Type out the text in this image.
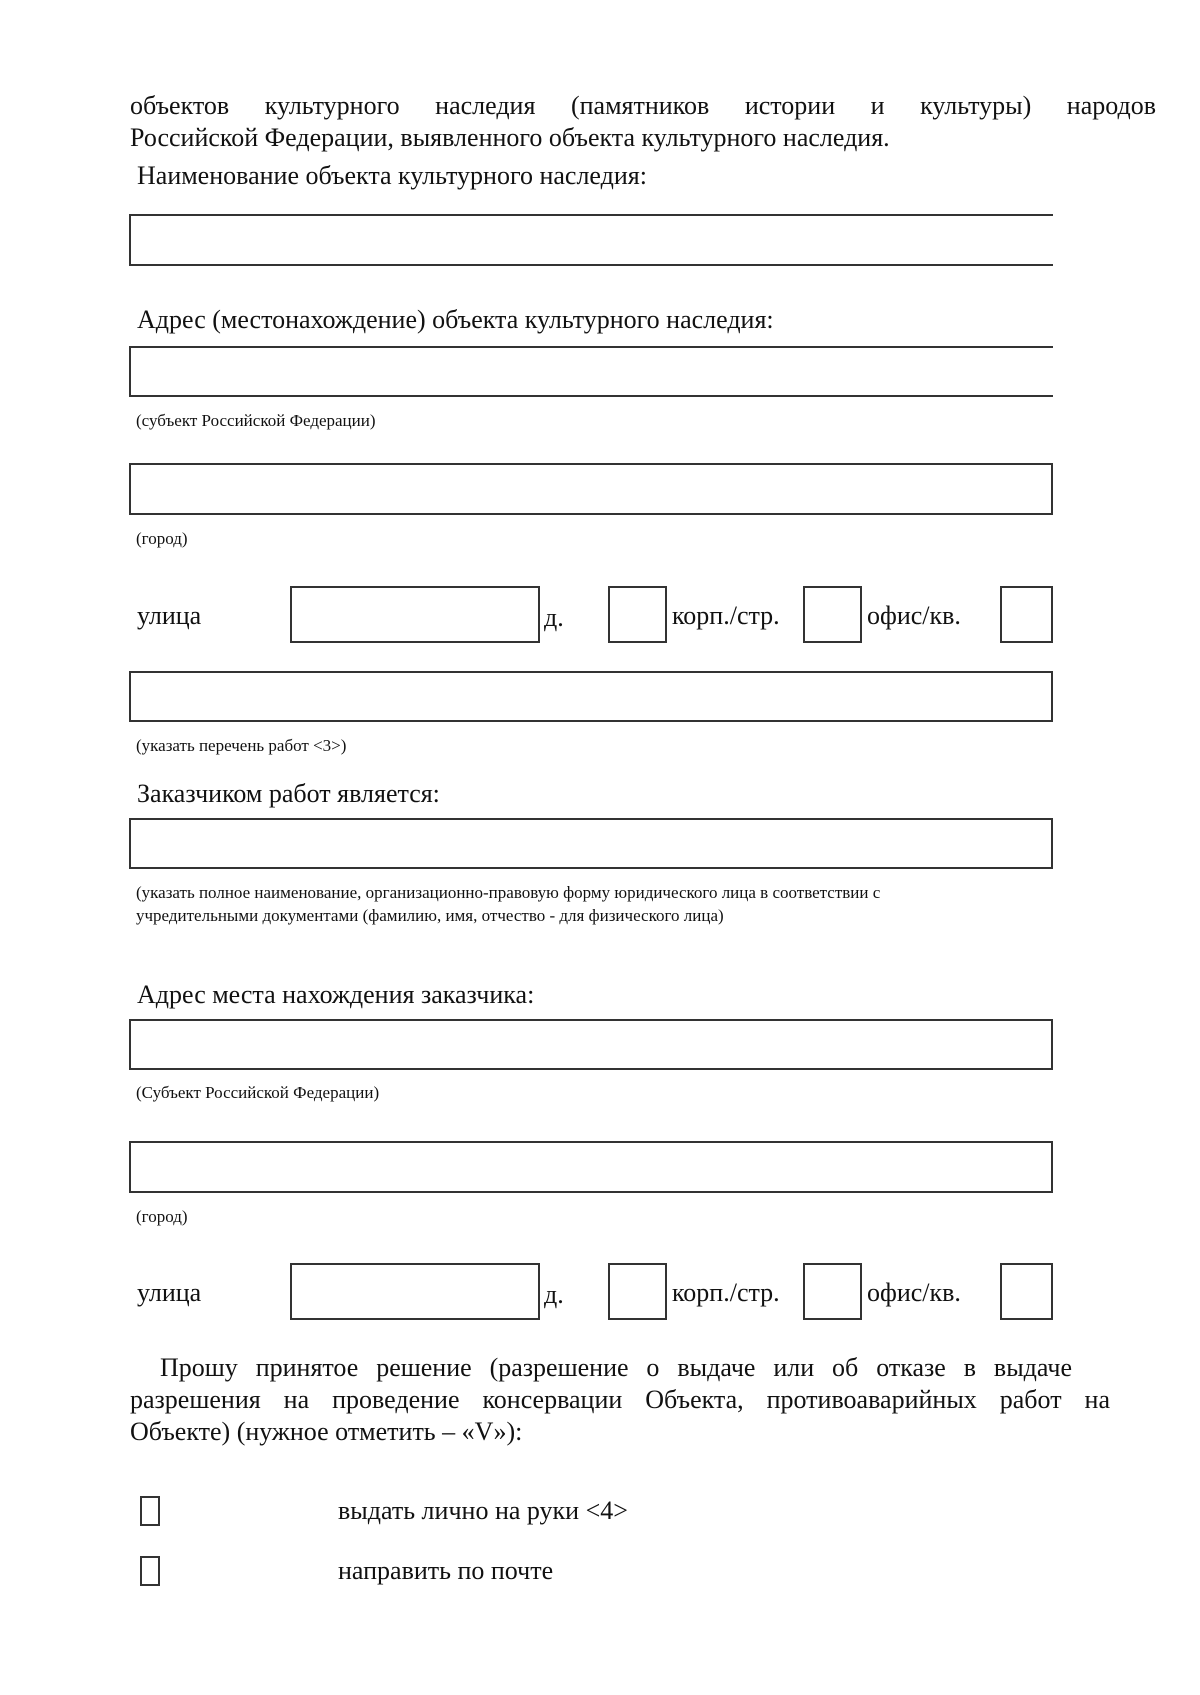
объектов культурного наследия (памятников истории и культуры) народов
Российской Федерации, выявленного объекта культурного наследия.
Наименование объекта культурного наследия:
Адрес (местонахождение) объекта культурного наследия:
(субъект Российской Федерации)
(город)
улица	д.	корп./стр.	офис/кв.
(указать перечень работ <3>)
Заказчиком работ является:
(указать полное наименование, организационно-правовую форму юридического лица в соответствии с
учредительными документами (фамилию, имя, отчество - для физического лица)
Адрес места нахождения заказчика:
(Субъект Российской Федерации)
(город)
улица	д.	корп./стр.	офис/кв.
Прошу принятое решение (разрешение о выдаче или об отказе в выдаче
разрешения на проведение консервации Объекта, противоаварийных работ на
Объекте) (нужное отметить – «V»):
выдать лично на руки <4>
направить по почте
